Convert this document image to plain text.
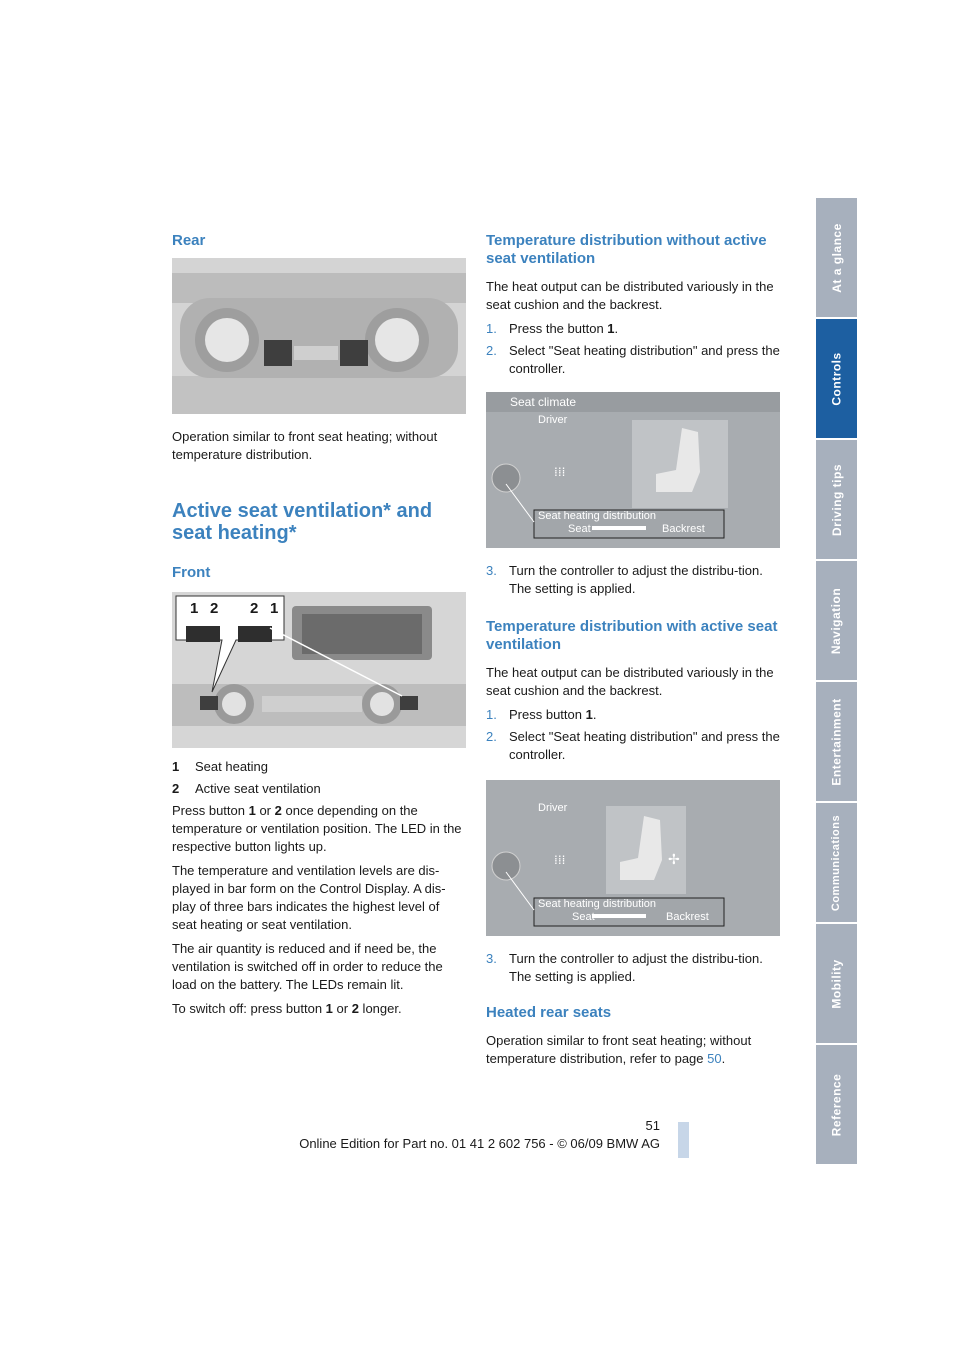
At a glance
Controls
Driving tips
Navigation
Entertainment
Communications
Mobility
Reference
Rear

Operation similar to front seat heating; without temperature distribution.

Active seat ventilation* and seat heating*
Front
1 2 2 1
1	Seat heating
2	Active seat ventilation

Press button 1 or 2 once depending on the temperature or ventilation position. The LED in the respective button lights up.

The temperature and ventilation levels are dis-played in bar form on the Control Display. A dis-play of three bars indicates the highest level of seat heating or seat ventilation.

The air quantity is reduced and if need be, the ventilation is switched off in order to reduce the load on the battery. The LEDs remain lit.

To switch off: press button 1 or 2 longer.

Temperature distribution without active seat ventilation

The heat output can be distributed variously in the seat cushion and the backrest.

1. Press the button 1.
2. Select "Seat heating distribution" and press the controller.
⁞⁞⁞
Seat climate
Driver
Seat heating distribution
Seat	Backrest
3. Turn the controller to adjust the distribu-tion.
The setting is applied.
Temperature distribution with active seat ventilation

The heat output can be distributed variously in the seat cushion and the backrest.

1. Press button 1.
2. Select "Seat heating distribution" and press the controller.
⁞⁞⁞	✢
Driver
Seat heating distribution
Seat	Backrest
3. Turn the controller to adjust the distribu-tion.
The setting is applied.
Heated rear seats

Operation similar to front seat heating; without temperature distribution, refer to page 50.

51
Online Edition for Part no. 01 41 2 602 756 - © 06/09 BMW AG
